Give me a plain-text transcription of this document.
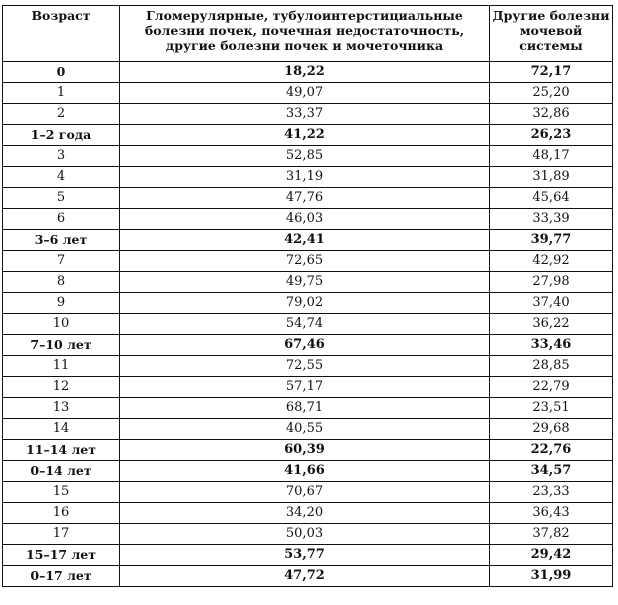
Возраст	Гломерулярные, тубулоинтерстициальные болезни почек, почечная недостаточность, другие болезни почек и мочеточника	Другие болезни мочевой системы
0	18,22	72,17
1	49,07	25,20
2	33,37	32,86
1–2 года	41,22	26,23
3	52,85	48,17
4	31,19	31,89
5	47,76	45,64
6	46,03	33,39
3–6 лет	42,41	39,77
7	72,65	42,92
8	49,75	27,98
9	79,02	37,40
10	54,74	36,22
7–10 лет	67,46	33,46
11	72,55	28,85
12	57,17	22,79
13	68,71	23,51
14	40,55	29,68
11–14 лет	60,39	22,76
0–14 лет	41,66	34,57
15	70,67	23,33
16	34,20	36,43
17	50,03	37,82
15–17 лет	53,77	29,42
0–17 лет	47,72	31,99
